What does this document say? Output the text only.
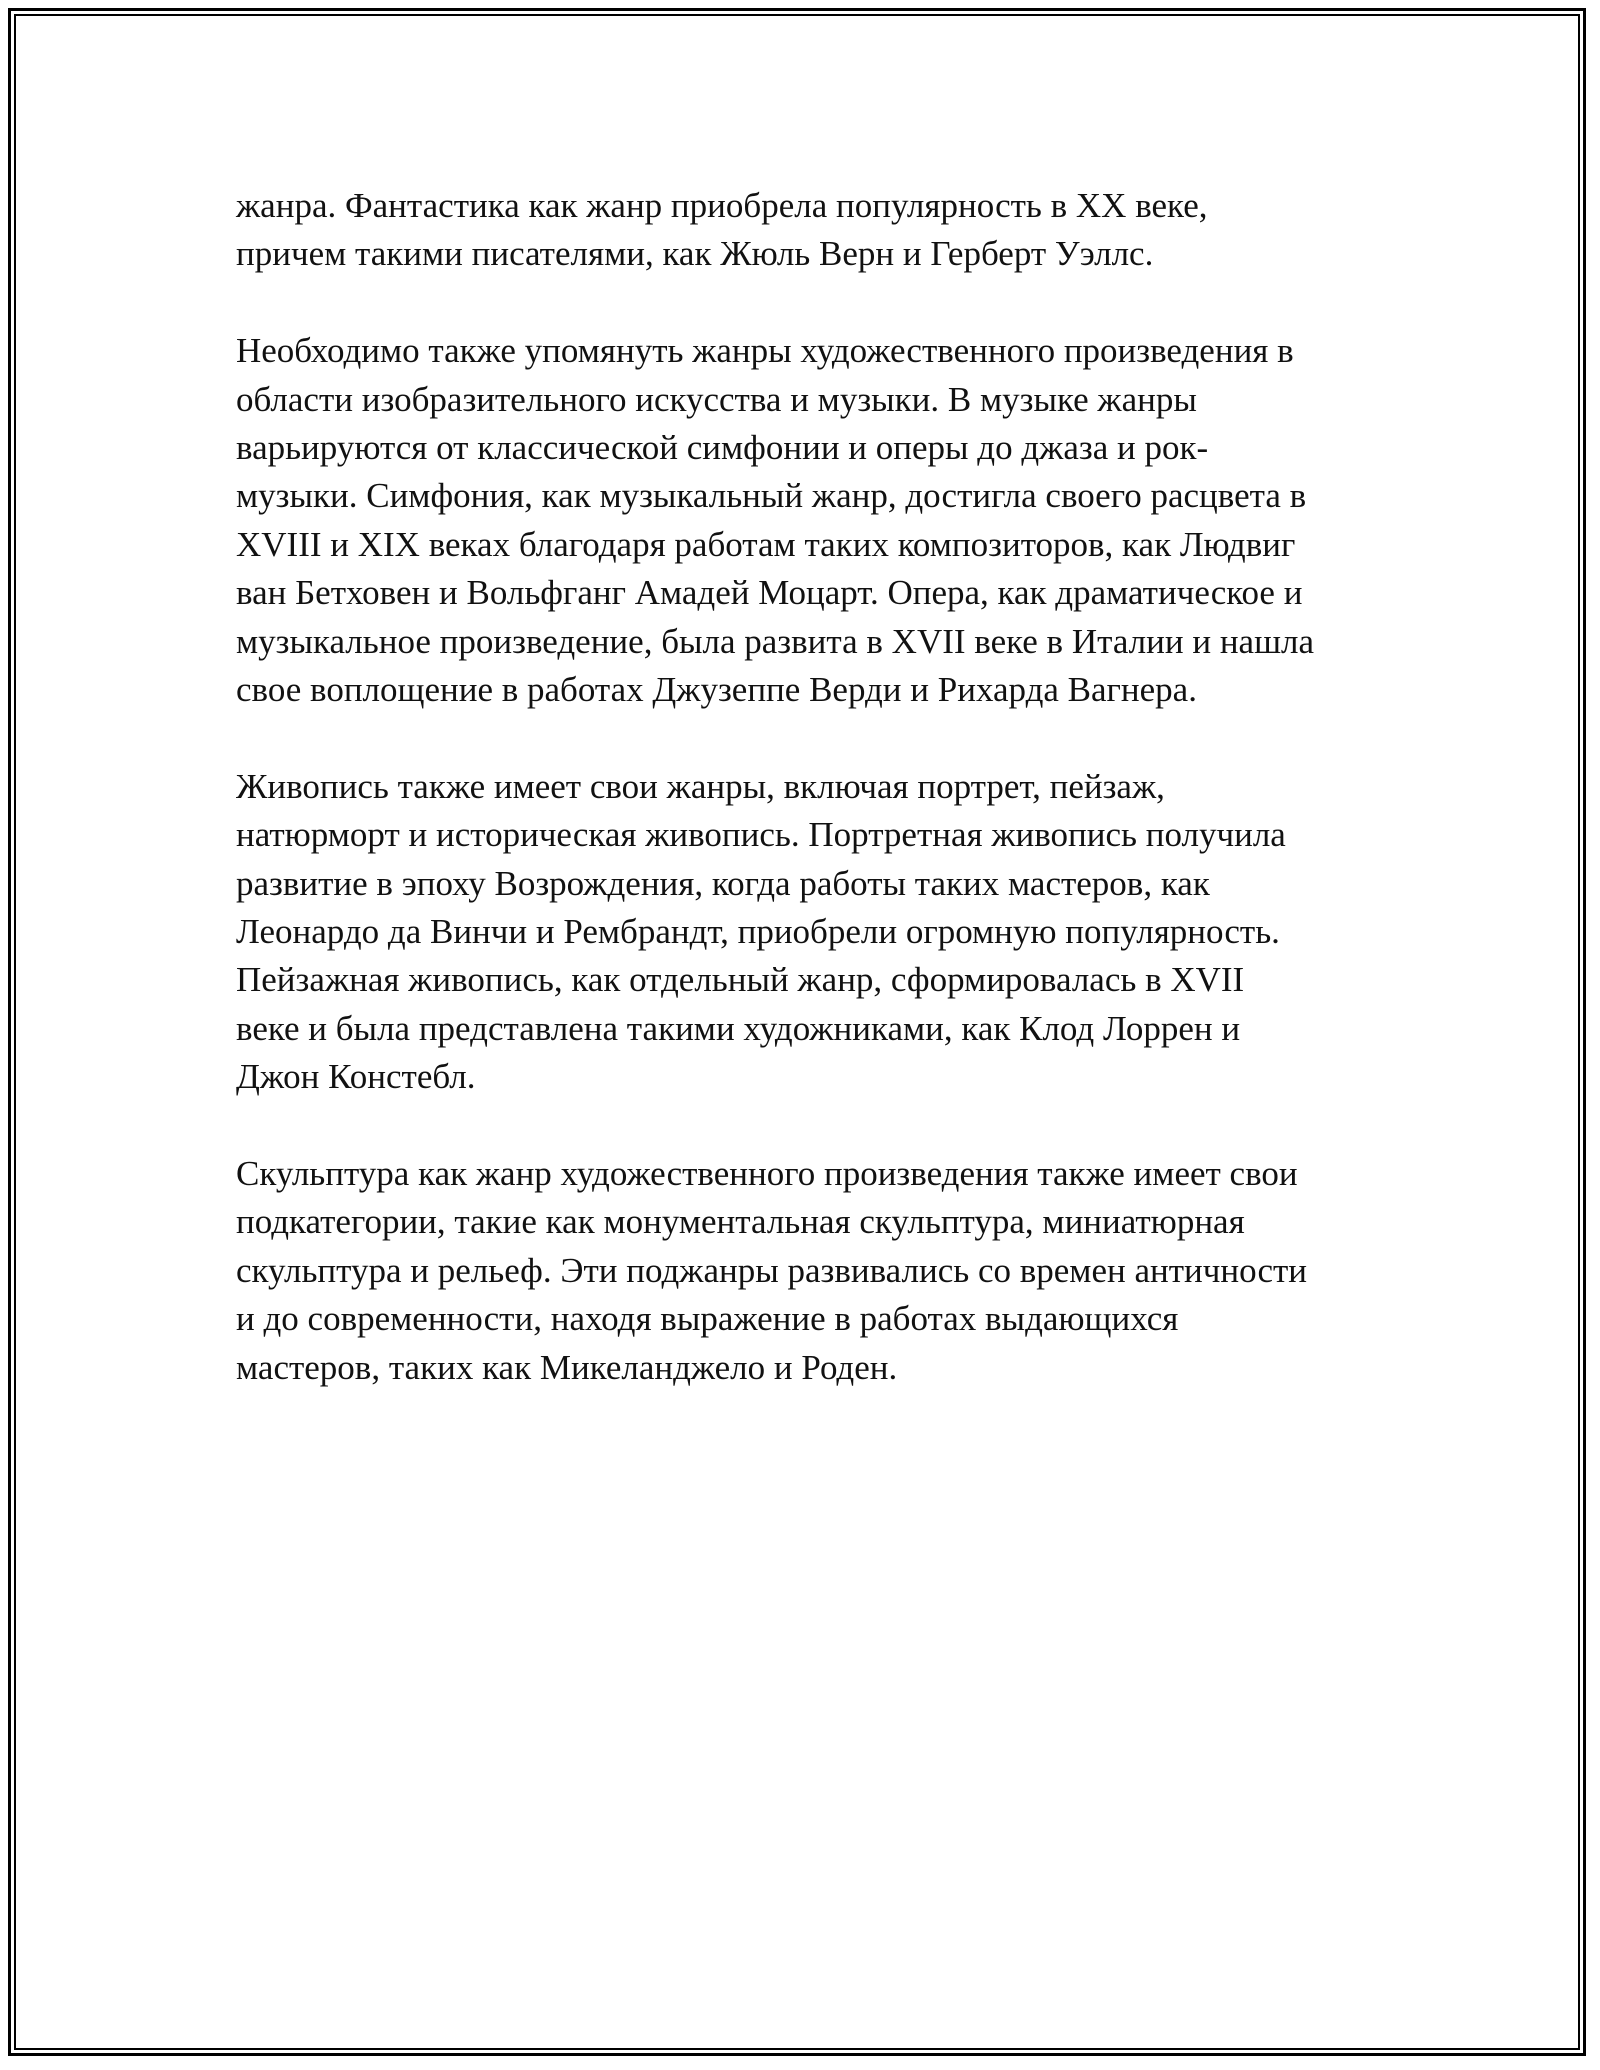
жанра. Фантастика как жанр приобрела популярность в XX веке,
причем такими писателями, как Жюль Верн и Герберт Уэллс.

Необходимо также упомянуть жанры художественного произведения в
области изобразительного искусства и музыки. В музыке жанры
варьируются от классической симфонии и оперы до джаза и рок-
музыки. Симфония, как музыкальный жанр, достигла своего расцвета в
XVIII и XIX веках благодаря работам таких композиторов, как Людвиг
ван Бетховен и Вольфганг Амадей Моцарт. Опера, как драматическое и
музыкальное произведение, была развита в XVII веке в Италии и нашла
свое воплощение в работах Джузеппе Верди и Рихарда Вагнера.

Живопись также имеет свои жанры, включая портрет, пейзаж,
натюрморт и историческая живопись. Портретная живопись получила
развитие в эпоху Возрождения, когда работы таких мастеров, как
Леонардо да Винчи и Рембрандт, приобрели огромную популярность.
Пейзажная живопись, как отдельный жанр, сформировалась в XVII
веке и была представлена такими художниками, как Клод Лоррен и
Джон Констебл.

Скульптура как жанр художественного произведения также имеет свои
подкатегории, такие как монументальная скульптура, миниатюрная
скульптура и рельеф. Эти поджанры развивались со времен античности
и до современности, находя выражение в работах выдающихся
мастеров, таких как Микеланджело и Роден.
